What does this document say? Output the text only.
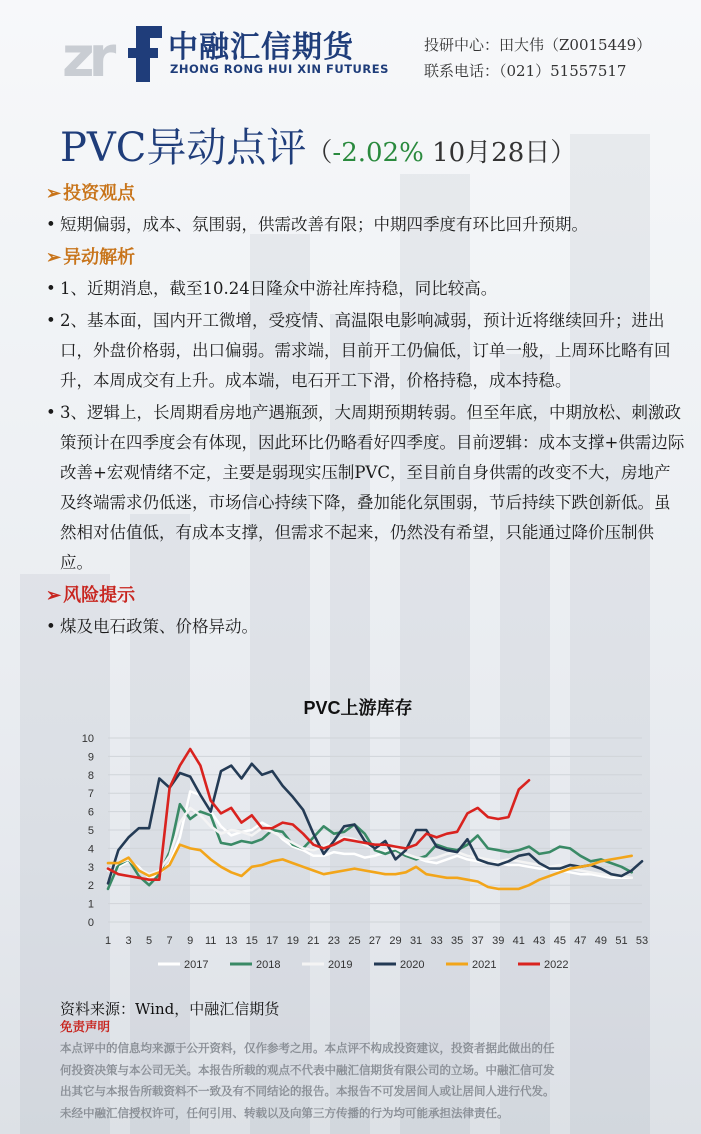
zr 中融汇信期货
ZHONG RONG HUI XIN FUTURES
投研中心：田大伟（Z0015449）
联系电话：（021）51557517
PVC异动点评（-2.02% 10月28日）
➢ 投资观点
• 短期偏弱，成本、氛围弱，供需改善有限；中期四季度有环比回升预期。
➢ 异动解析
• 1、近期消息，截至10.24日隆众中游社库持稳，同比较高。
• 2、基本面，国内开工微增，受疫情、高温限电影响减弱，预计近将继续回升；进出口，外盘价格弱，出口偏弱。需求端，目前开工仍偏低，订单一般，上周环比略有回升，本周成交有上升。成本端，电石开工下滑，价格持稳，成本持稳。
• 3、逻辑上，长周期看房地产遇瓶颈，大周期预期转弱。但至年底，中期放松、刺激政策预计在四季度会有体现，因此环比仍略看好四季度。目前逻辑：成本支撑+供需边际改善+宏观情绪不定，主要是弱现实压制PVC，至目前自身供需的改变不大，房地产及终端需求仍低迷，市场信心持续下降，叠加能化氛围弱，节后持续下跌创新低。虽然相对估值低，有成本支撑，但需求不起来，仍然没有希望，只能通过降价压制供应。
➢ 风险提示
• 煤及电石政策、价格异动。
PVC上游库存
0
1
2
3
4
5
6
7
8
9
10
1 3 5 7 9 11 13 15 17 19 21 23 25 27 29 31 33 35 37 39 41 43 45 47 49 51 53
2017	2018	2019	2020	2021	2022
资料来源：Wind，中融汇信期货
免责声明
本点评中的信息均来源于公开资料，仅作参考之用。本点评不构成投资建议，投资者据此做出的任
何投资决策与本公司无关。本报告所载的观点不代表中融汇信期货有限公司的立场。中融汇信可发
出其它与本报告所载资料不一致及有不同结论的报告。本报告不可发居间人或让居间人进行代发。
未经中融汇信授权许可，任何引用、转载以及向第三方传播的行为均可能承担法律责任。
